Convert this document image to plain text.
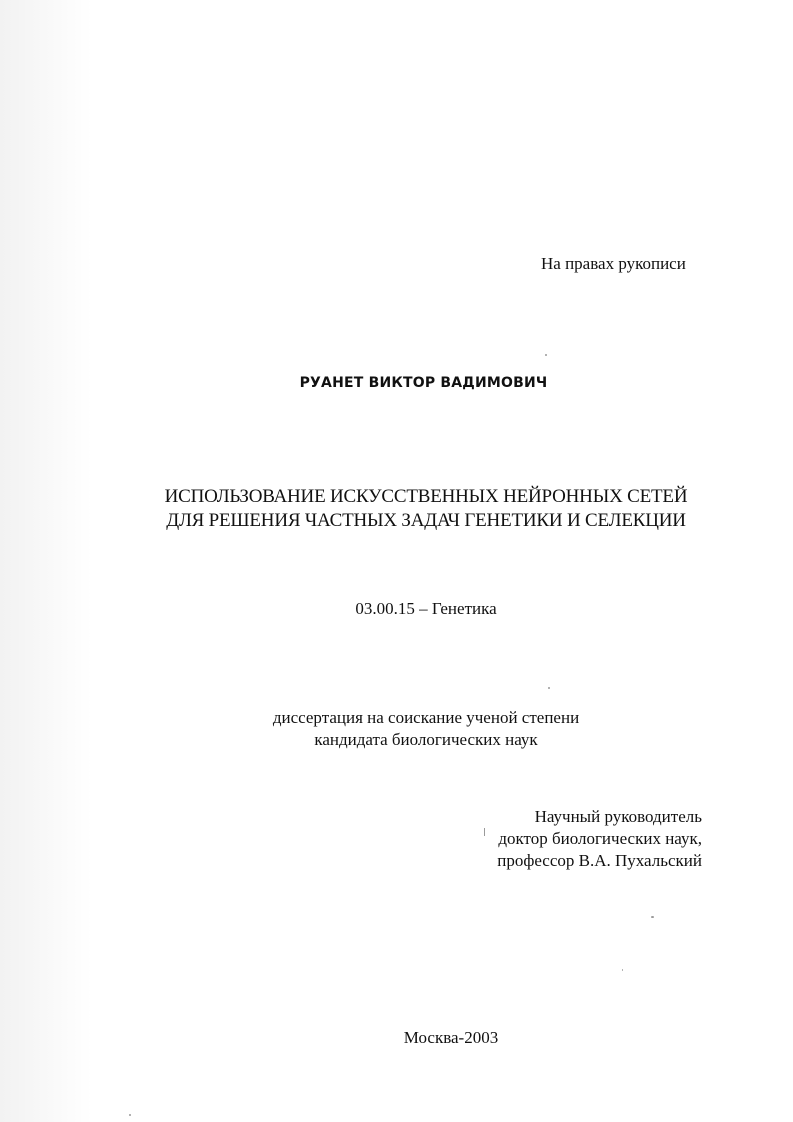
На правах рукописи
РУАНЕТ ВИКТОР ВАДИМОВИЧ
ИСПОЛЬЗОВАНИЕ ИСКУССТВЕННЫХ НЕЙРОННЫХ СЕТЕЙ
ДЛЯ РЕШЕНИЯ ЧАСТНЫХ ЗАДАЧ ГЕНЕТИКИ И СЕЛЕКЦИИ
03.00.15 – Генетика
диссертация на соискание ученой степени
кандидата биологических наук
Научный руководитель
доктор биологических наук,
профессор В.А. Пухальский
Москва-2003
